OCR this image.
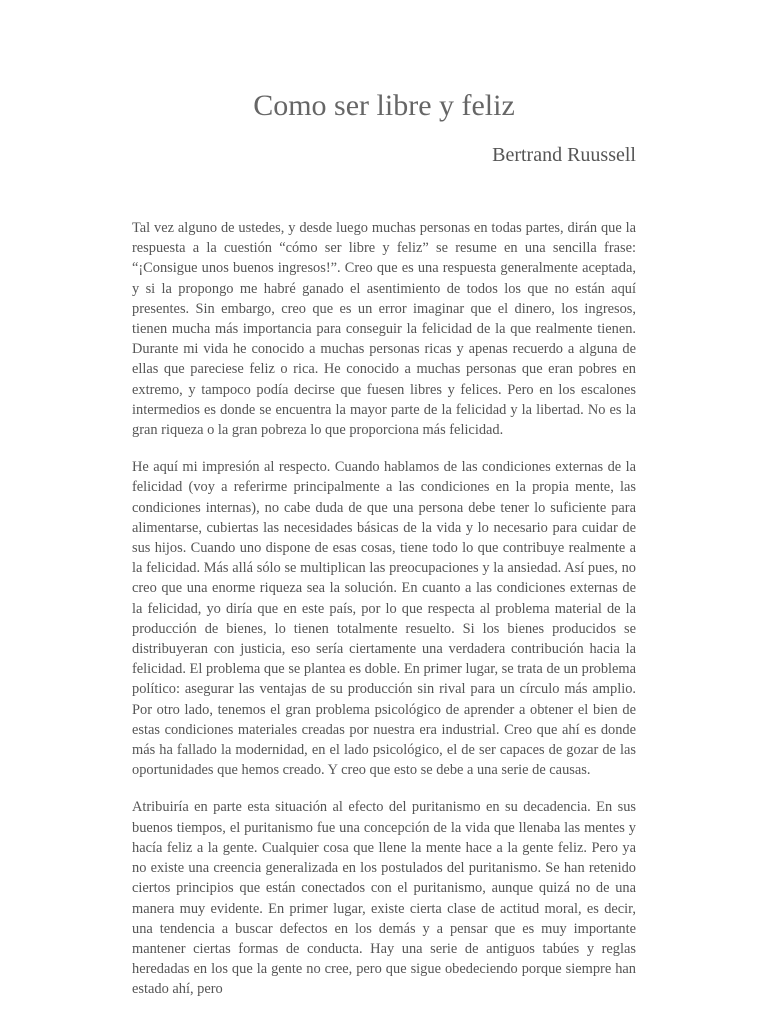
Como ser libre y feliz
Bertrand Ruussell

Tal vez alguno de ustedes, y desde luego muchas personas en todas partes, dirán que la respuesta a la cuestión “cómo ser libre y feliz” se resume en una sencilla frase: “¡Consigue unos buenos ingresos!”. Creo que es una respuesta generalmente aceptada, y si la propongo me habré ganado el asentimiento de todos los que no están aquí presentes. Sin embargo, creo que es un error imaginar que el dinero, los ingresos, tienen mucha más importancia para conseguir la felicidad de la que realmente tienen. Durante mi vida he conocido a muchas personas ricas y apenas recuerdo a alguna de ellas que pareciese feliz o rica. He conocido a muchas personas que eran pobres en extremo, y tampoco podía decirse que fuesen libres y felices. Pero en los escalones intermedios es donde se encuentra la mayor parte de la felicidad y la libertad. No es la gran riqueza o la gran pobreza lo que proporciona más felicidad.

He aquí mi impresión al respecto. Cuando hablamos de las condiciones externas de la felicidad (voy a referirme principalmente a las condiciones en la propia mente, las condiciones internas), no cabe duda de que una persona debe tener lo suficiente para alimentarse, cubiertas las necesidades básicas de la vida y lo necesario para cuidar de sus hijos. Cuando uno dispone de esas cosas, tiene todo lo que contribuye realmente a la felicidad. Más allá sólo se multiplican las preocupaciones y la ansiedad. Así pues, no creo que una enorme riqueza sea la solución. En cuanto a las condiciones externas de la felicidad, yo diría que en este país, por lo que respecta al problema material de la producción de bienes, lo tienen totalmente resuelto. Si los bienes producidos se distribuyeran con justicia, eso sería ciertamente una verdadera contribución hacia la felicidad. El problema que se plantea es doble. En primer lugar, se trata de un problema político: asegurar las ventajas de su producción sin rival para un círculo más amplio. Por otro lado, tenemos el gran problema psicológico de aprender a obtener el bien de estas condiciones materiales creadas por nuestra era industrial. Creo que ahí es donde más ha fallado la modernidad, en el lado psicológico, el de ser capaces de gozar de las oportunidades que hemos creado. Y creo que esto se debe a una serie de causas.

Atribuiría en parte esta situación al efecto del puritanismo en su decadencia. En sus buenos tiempos, el puritanismo fue una concepción de la vida que llenaba las mentes y hacía feliz a la gente. Cualquier cosa que llene la mente hace a la gente feliz. Pero ya no existe una creencia generalizada en los postulados del puritanismo. Se han retenido ciertos principios que están conectados con el puritanismo, aunque quizá no de una manera muy evidente. En primer lugar, existe cierta clase de actitud moral, es decir, una tendencia a buscar defectos en los demás y a pensar que es muy importante mantener ciertas formas de conducta. Hay una serie de antiguos tabúes y reglas heredadas en los que la gente no cree, pero que sigue obedeciendo porque siempre han estado ahí, pero
